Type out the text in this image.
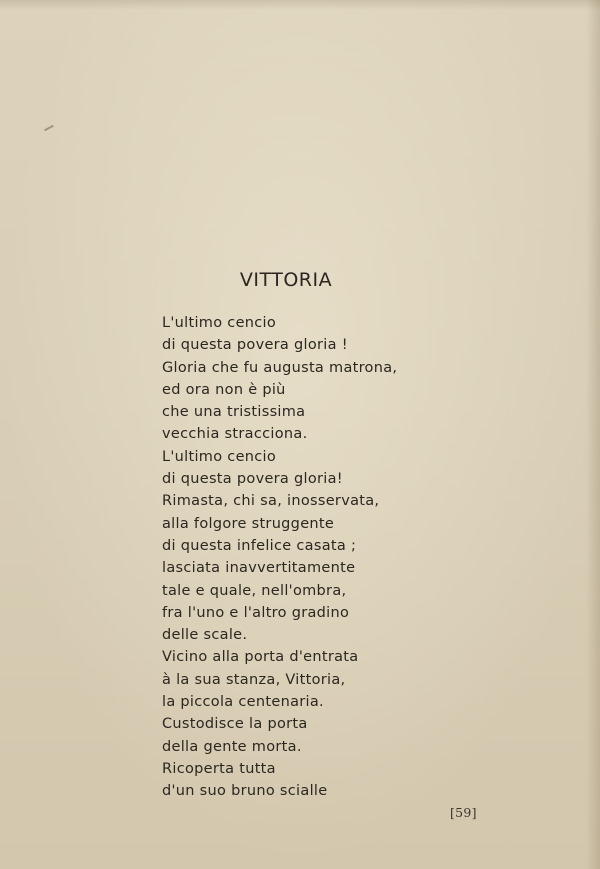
VITTORIA
L'ultimo cencio
di questa povera gloria !
Gloria che fu augusta matrona,
ed ora non è più
che una tristissima
vecchia stracciona.
L'ultimo cencio
di questa povera gloria!
Rimasta, chi sa, inosservata,
alla folgore struggente
di questa infelice casata ;
lasciata inavvertitamente
tale e quale, nell'ombra,
fra l'uno e l'altro gradino
delle scale.
Vicino alla porta d'entrata
à la sua stanza, Vittoria,
la piccola centenaria.
Custodisce la porta
della gente morta.
Ricoperta tutta
d'un suo bruno scialle
[59]
